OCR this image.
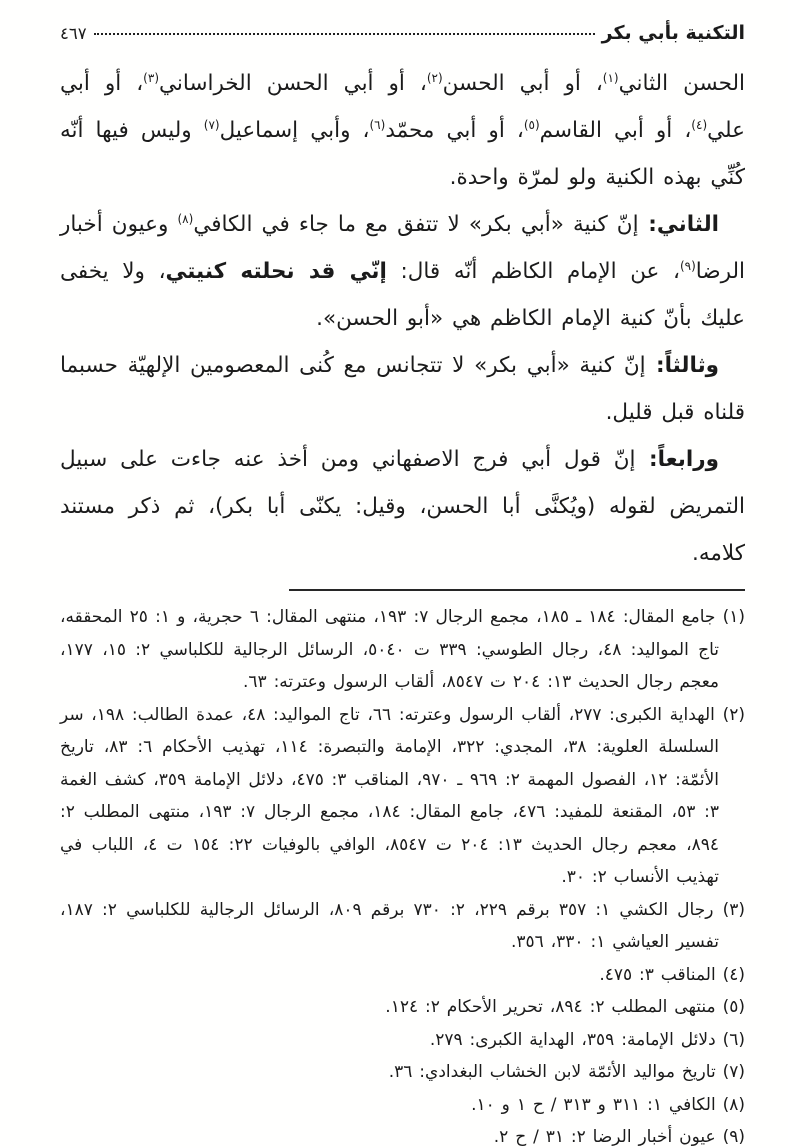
التكنية بأبي بكر
٤٦٧

الحسن الثاني$^{(١)}$، أو أبي الحسن$^{(٢)}$، أو أبي الحسن الخراساني$^{(٣)}$، أو أبي علي$^{(٤)}$، أو أبي القاسم$^{(٥)}$، أو أبي محمّد$^{(٦)}$، وأبي إسماعيل$^{(٧)}$ وليس فيها أنّه كُنِّي بهذه الكنية ولو لمرّة واحدة.

الثاني: إنّ كنية «أبي بكر» لا تتفق مع ما جاء في الكافي$^{(٨)}$ وعيون أخبار الرضا$^{(٩)}$، عن الإمام الكاظم أنّه قال: إنّي قد نحلته كنيتي، ولا يخفى عليك بأنّ كنية الإمام الكاظم هي «أبو الحسن».

وثالثاً: إنّ كنية «أبي بكر» لا تتجانس مع كُنى المعصومين الإلهيّة حسبما قلناه قبل قليل.

ورابعاً: إنّ قول أبي فرج الاصفهاني ومن أخذ عنه جاءت على سبيل التمريض لقوله (ويُكنَّى أبا الحسن، وقيل: يكنّى أبا بكر)، ثم ذكر مستند كلامه.

(١) جامع المقال: ١٨٤ ـ ١٨٥، مجمع الرجال ٧: ١٩٣، منتهى المقال: ٦ حجرية، و ١: ٢٥ المحققه، تاج المواليد: ٤٨، رجال الطوسي: ٣٣٩ ت ٥٠٤٠، الرسائل الرجالية للكلباسي ٢: ١٥، ١٧٧، معجم رجال الحديث ١٣: ٢٠٤ ت ٨٥٤٧، ألقاب الرسول وعترته: ٦٣.

(٢) الهداية الكبرى: ٢٧٧، ألقاب الرسول وعترته: ٦٦، تاج المواليد: ٤٨، عمدة الطالب: ١٩٨، سر السلسلة العلوية: ٣٨، المجدي: ٣٢٢، الإمامة والتبصرة: ١١٤، تهذيب الأحكام ٦: ٨٣، تاريخ الأئمّة: ١٢، الفصول المهمة ٢: ٩٦٩ ـ ٩٧٠، المناقب ٣: ٤٧٥، دلائل الإمامة ٣٥٩، كشف الغمة ٣: ٥٣، المقنعة للمفيد: ٤٧٦، جامع المقال: ١٨٤، مجمع الرجال ٧: ١٩٣، منتهى المطلب ٢: ٨٩٤، معجم رجال الحديث ١٣: ٢٠٤ ت ٨٥٤٧، الوافي بالوفيات ٢٢: ١٥٤ ت ٤، اللباب في تهذيب الأنساب ٢: ٣٠.

(٣) رجال الكشي ١: ٣٥٧ برقم ٢٢٩، ٢: ٧٣٠ برقم ٨٠٩، الرسائل الرجالية للكلباسي ٢: ١٨٧، تفسير العياشي ١: ٣٣٠، ٣٥٦.

(٤) المناقب ٣: ٤٧٥.

(٥) منتهى المطلب ٢: ٨٩٤، تحرير الأحكام ٢: ١٢٤.

(٦) دلائل الإمامة: ٣٥٩، الهداية الكبرى: ٢٧٩.

(٧) تاريخ مواليد الأئمّة لابن الخشاب البغدادي: ٣٦.

(٨) الكافي ١: ٣١١ و ٣١٣ / ح ١ و ١٠.

(٩) عيون أخبار الرضا ٢: ٣١ / ح ٢.
